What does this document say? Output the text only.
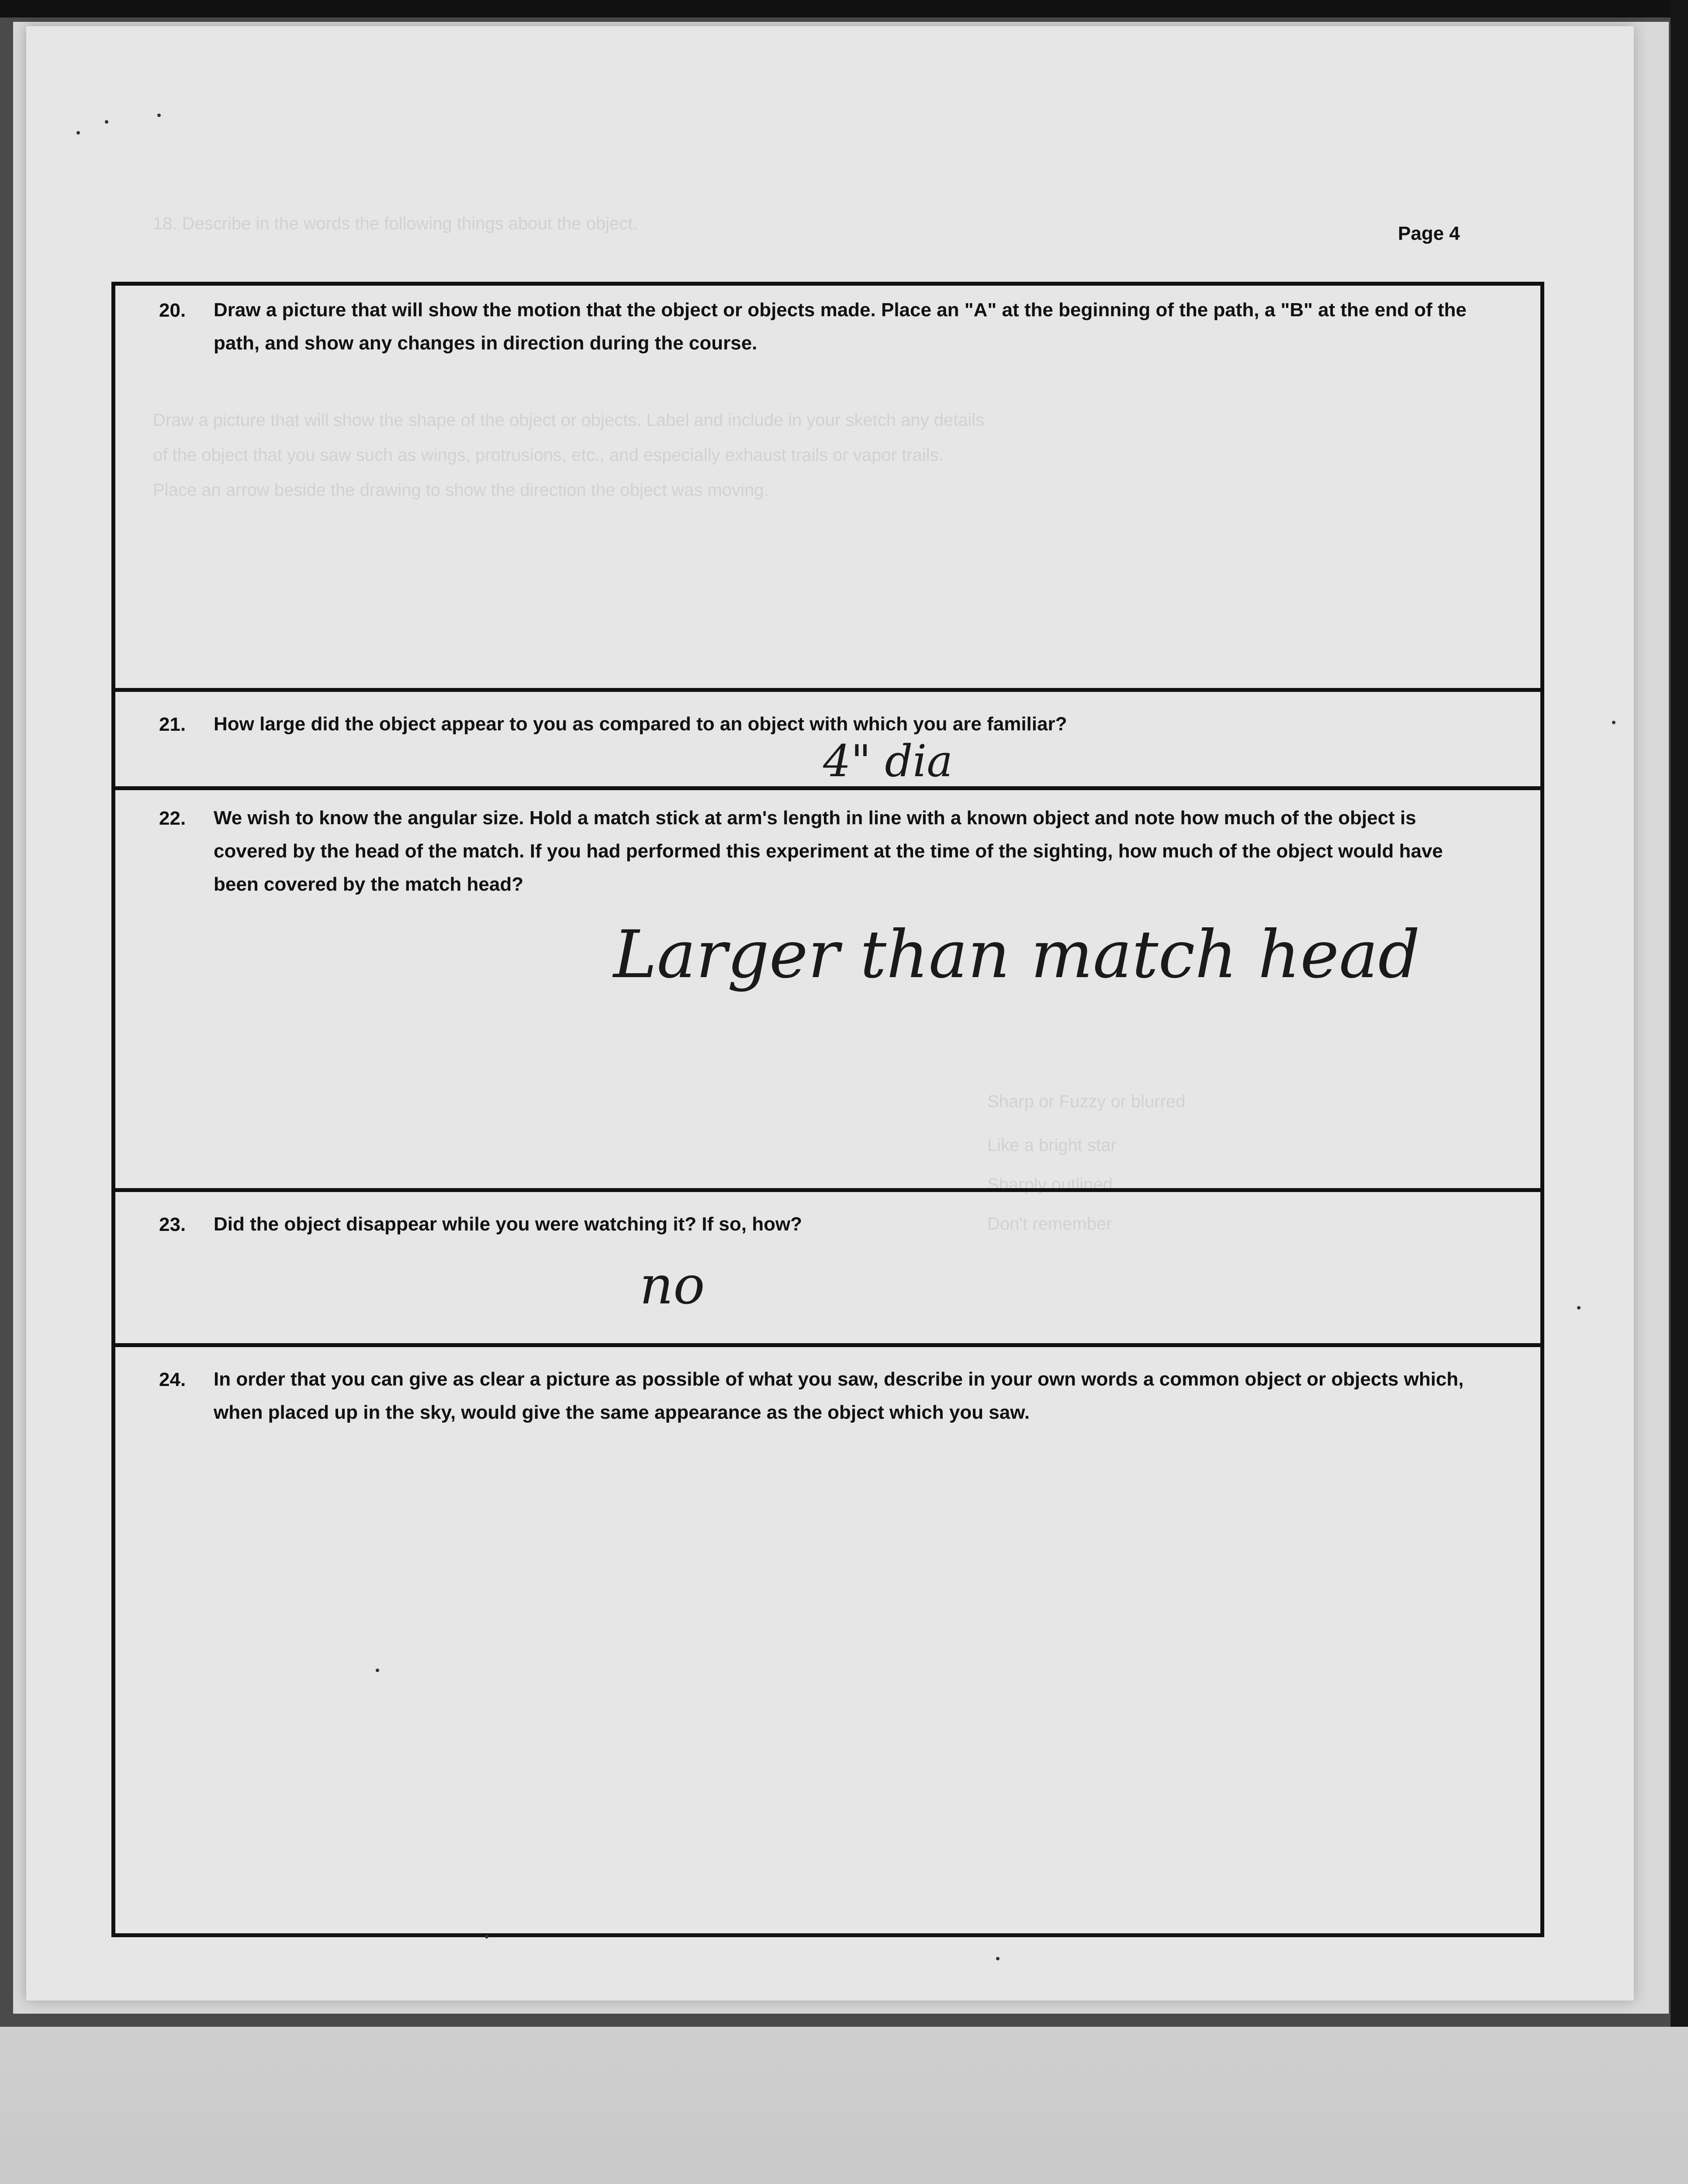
18. Describe in the words the following things about the object.
Draw a picture that will show the shape of the object or objects. Label and include in your sketch any details
of the object that you saw such as wings, protrusions, etc., and especially exhaust trails or vapor trails.
Place an arrow beside the drawing to show the direction the object was moving.
Sharp or Fuzzy or blurred
Like a bright star
Sharply outlined
Don't remember
Page 4
20. Draw a picture that will show the motion that the object or objects made. Place an "A" at the beginning of the path, a "B" at the end of the path, and show any changes in direction during the course.
21. How large did the object appear to you as compared to an object with which you are familiar?
4" dia
22. We wish to know the angular size. Hold a match stick at arm's length in line with a known object and note how much of the object is covered by the head of the match. If you had performed this experiment at the time of the sighting, how much of the object would have been covered by the match head?
Larger than match head
23. Did the object disappear while you were watching it? If so, how?
no
24. In order that you can give as clear a picture as possible of what you saw, describe in your own words a common object or objects which, when placed up in the sky, would give the same appearance as the object which you saw.
